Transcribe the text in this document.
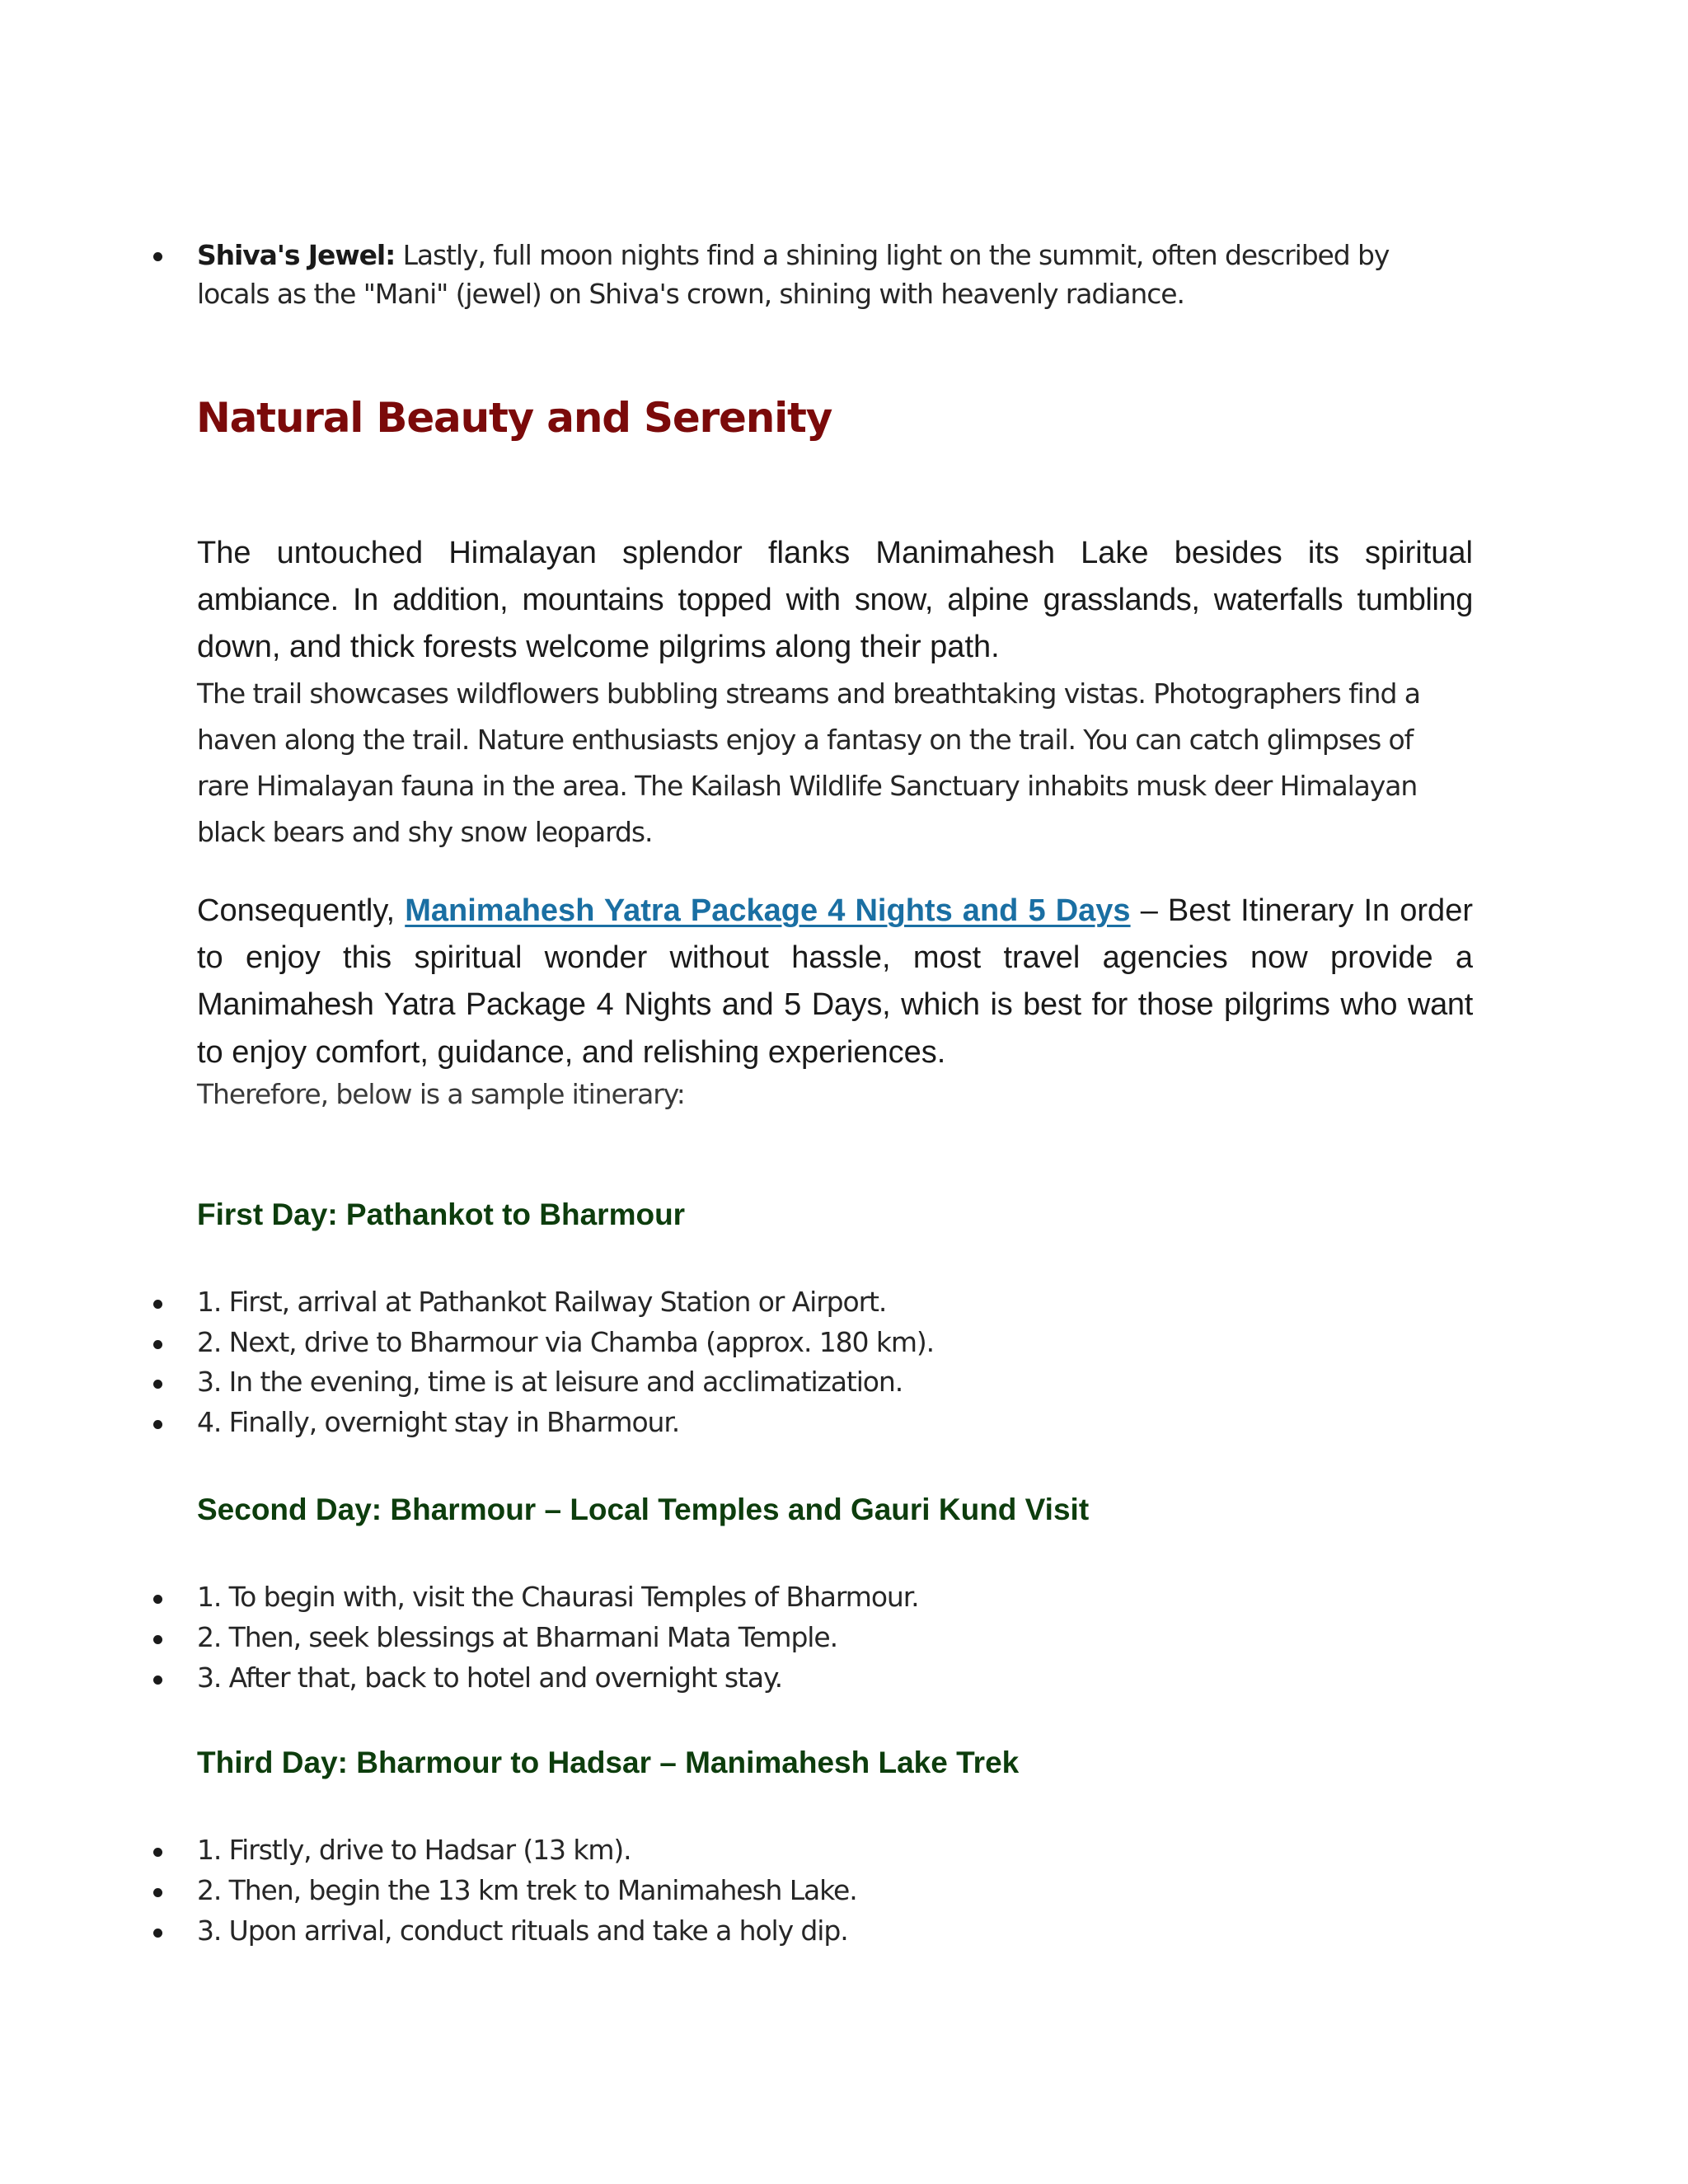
Shiva's Jewel: Lastly, full moon nights find a shining light on the summit, often described by
locals as the "Mani" (jewel) on Shiva's crown, shining with heavenly radiance.
Natural Beauty and Serenity
The untouched Himalayan splendor flanks Manimahesh Lake besides its spiritual
ambiance. In addition, mountains topped with snow, alpine grasslands, waterfalls tumbling
down, and thick forests welcome pilgrims along their path.
The trail showcases wildflowers bubbling streams and breathtaking vistas. Photographers find a
haven along the trail. Nature enthusiasts enjoy a fantasy on the trail. You can catch glimpses of
rare Himalayan fauna in the area. The Kailash Wildlife Sanctuary inhabits musk deer Himalayan
black bears and shy snow leopards.
Consequently, Manimahesh Yatra Package 4 Nights and 5 Days – Best Itinerary In order
to enjoy this spiritual wonder without hassle, most travel agencies now provide a
Manimahesh Yatra Package 4 Nights and 5 Days, which is best for those pilgrims who want
to enjoy comfort, guidance, and relishing experiences.
Therefore, below is a sample itinerary:
First Day: Pathankot to Bharmour
1. First, arrival at Pathankot Railway Station or Airport.
2. Next, drive to Bharmour via Chamba (approx. 180 km).
3. In the evening, time is at leisure and acclimatization.
4. Finally, overnight stay in Bharmour.
Second Day: Bharmour – Local Temples and Gauri Kund Visit
1. To begin with, visit the Chaurasi Temples of Bharmour.
2. Then, seek blessings at Bharmani Mata Temple.
3. After that, back to hotel and overnight stay.
Third Day: Bharmour to Hadsar – Manimahesh Lake Trek
1. Firstly, drive to Hadsar (13 km).
2. Then, begin the 13 km trek to Manimahesh Lake.
3. Upon arrival, conduct rituals and take a holy dip.
